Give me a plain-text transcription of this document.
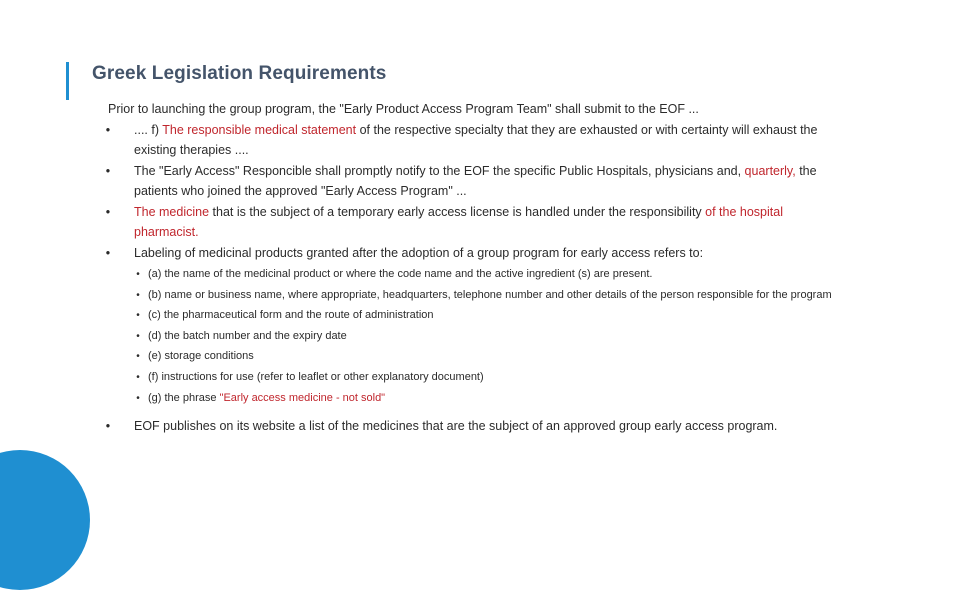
Greek Legislation Requirements
Prior to launching the group program, the "Early Product Access Program Team" shall submit to the EOF ...
•	.... f) The responsible medical statement of the respective specialty that they are exhausted or with certainty will exhaust the existing therapies ....
•	The "Early Access" Responcible shall promptly notify to the EOF the specific Public Hospitals, physicians and, quarterly, the patients who joined the approved "Early Access Program" ...
•	The medicine that is the subject of a temporary early access license is handled under the responsibility of the hospital pharmacist.
•	Labeling of medicinal products granted after the adoption of a group program for early access refers to:
• (a) the name of the medicinal product or where the code name and the active ingredient (s) are present.
• (b) name or business name, where appropriate, headquarters, telephone number and other details of the person responsible for the program
• (c) the pharmaceutical form and the route of administration
• (d) the batch number and the expiry date
• (e) storage conditions
• (f) instructions for use (refer to leaflet or other explanatory document)
• (g) the phrase "Early access medicine - not sold"
•	EOF publishes on its website a list of the medicines that are the subject of an approved group early access program.
